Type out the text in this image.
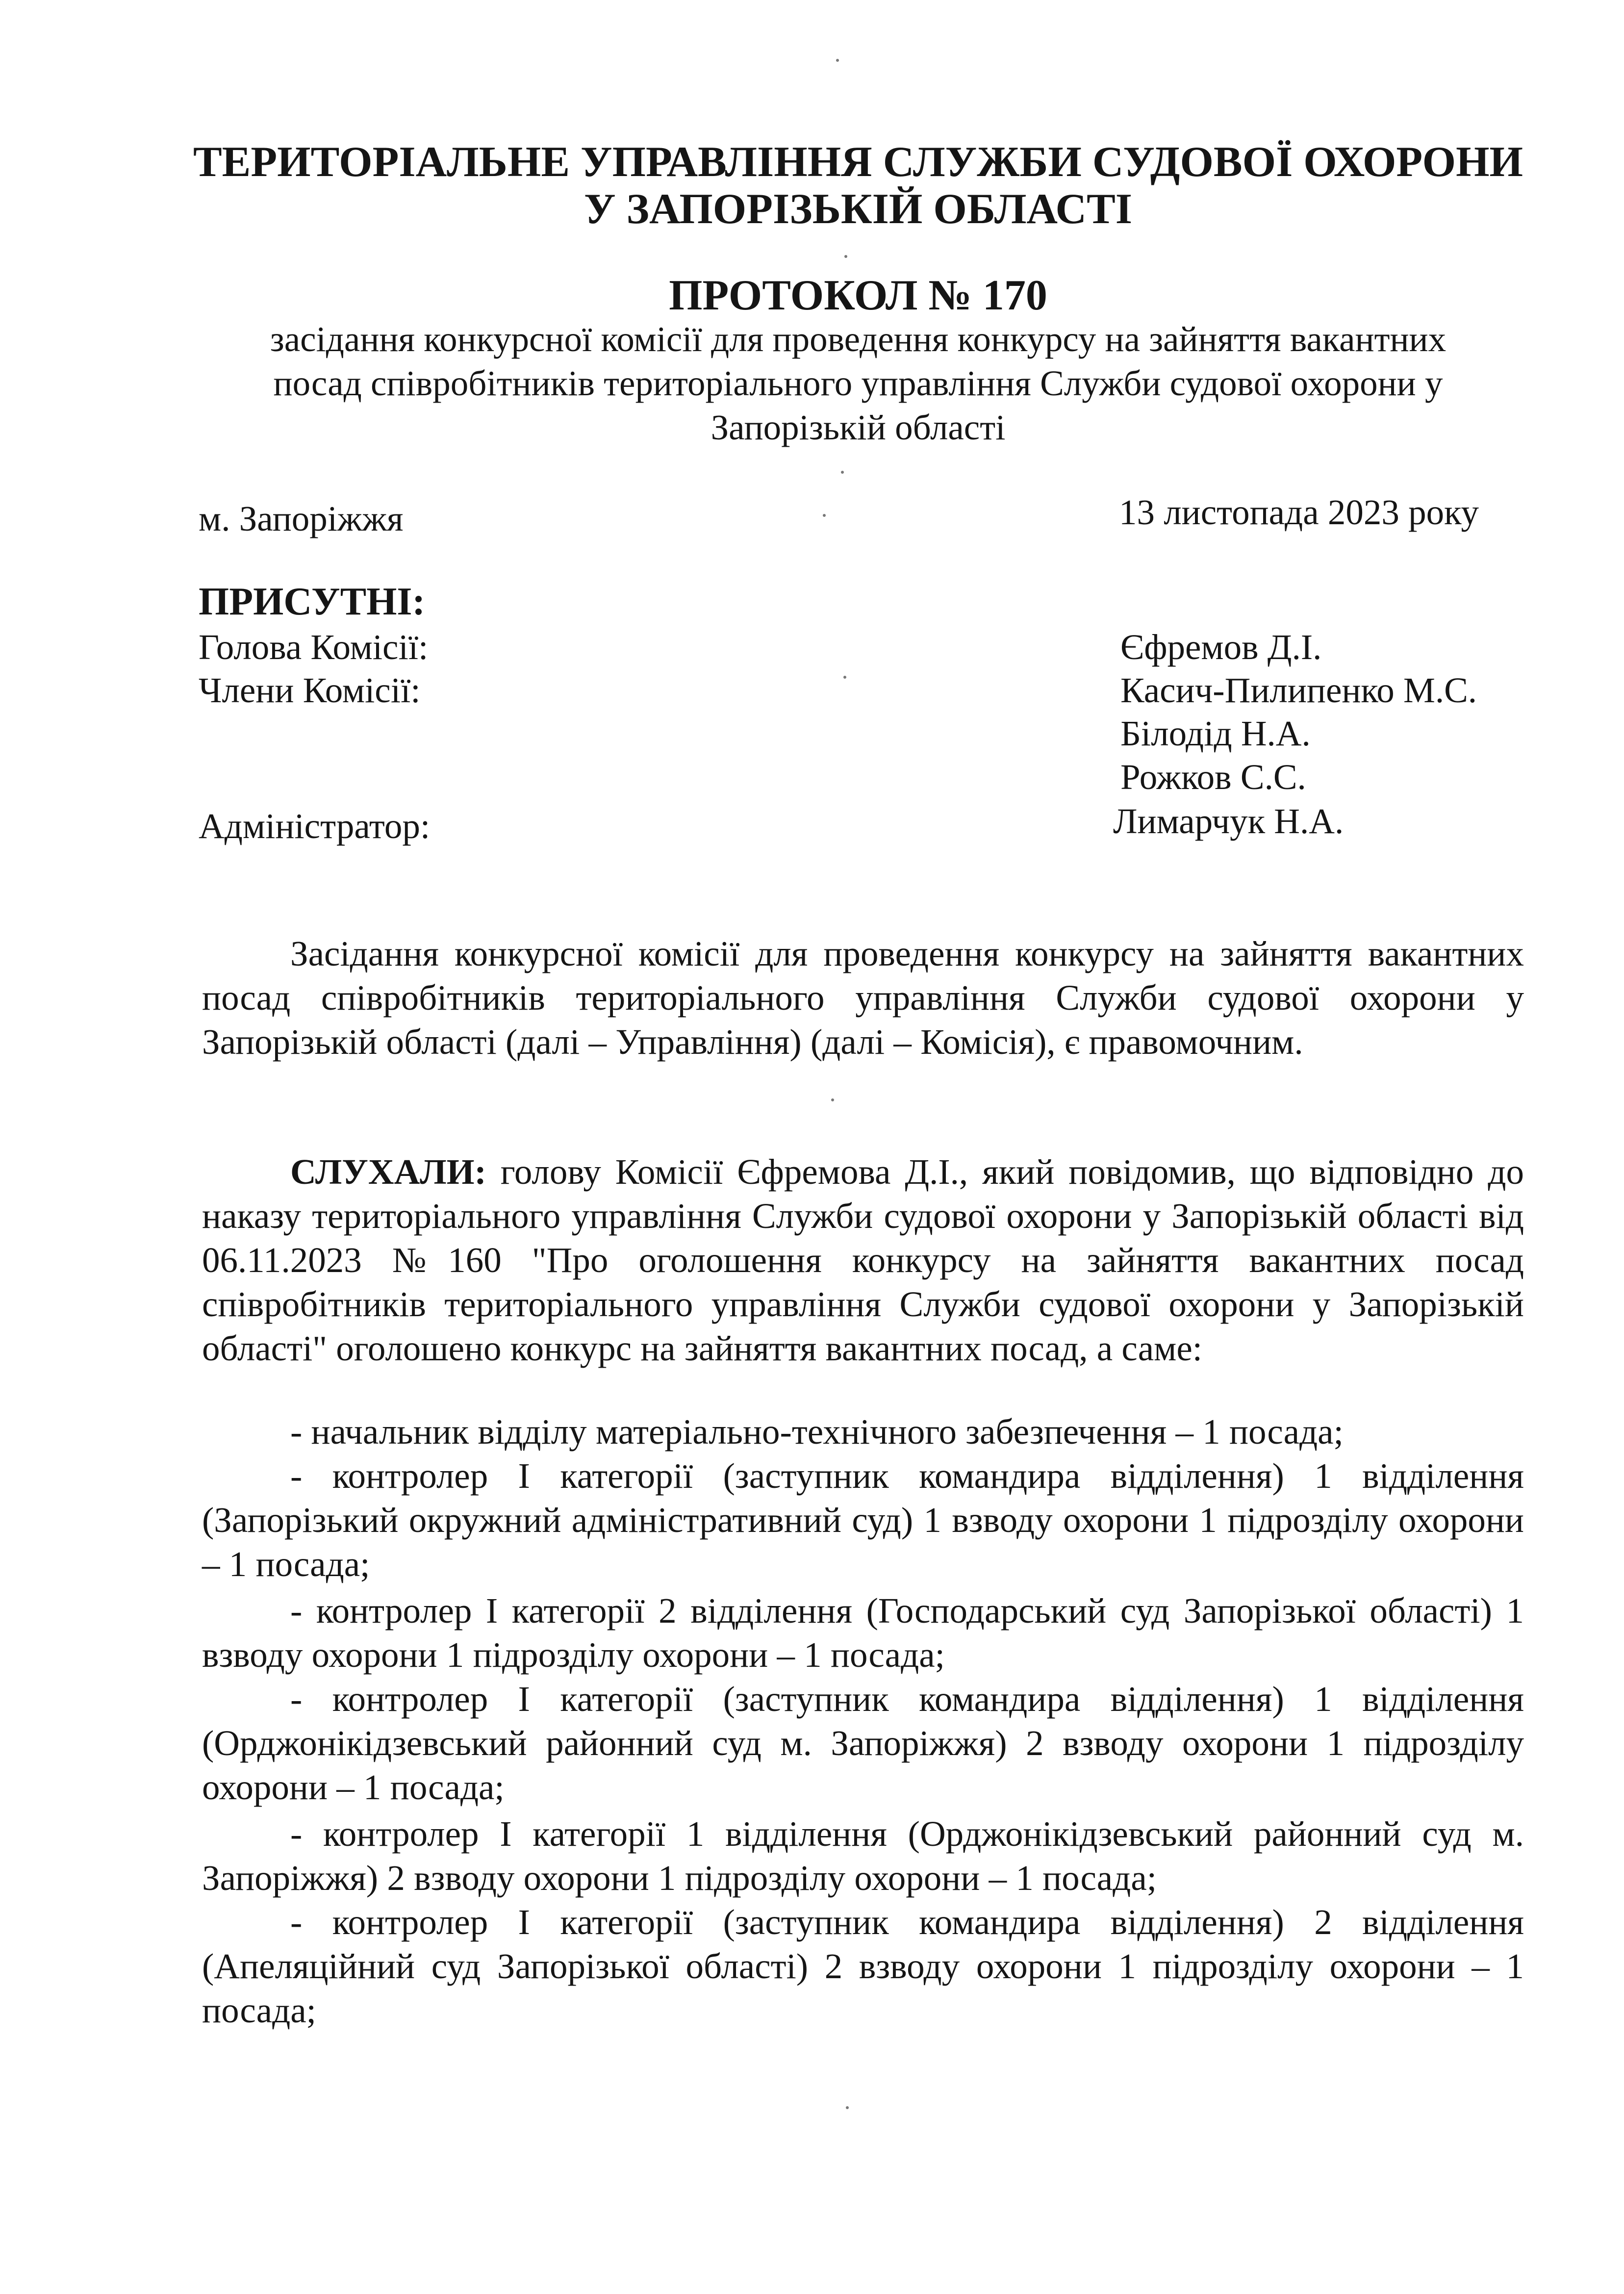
ТЕРИТОРІАЛЬНЕ УПРАВЛІННЯ СЛУЖБИ СУДОВОЇ ОХОРОНИ
У ЗАПОРІЗЬКІЙ ОБЛАСТІ
ПРОТОКОЛ № 170
засідання конкурсної комісії для проведення конкурсу на зайняття вакантних
посад співробітників територіального управління Служби судової охорони у
Запорізькій області
м. Запоріжжя	13 листопада 2023 року
ПРИСУТНІ:
Голова Комісії:	Єфремов Д.І.
Члени Комісії:	Касич-Пилипенко М.С.
Білодід Н.А.
Рожков С.С.
Адміністратор:	Лимарчук Н.А.
Засідання конкурсної комісії для проведення конкурсу на зайняття вакантних посад співробітників територіального управління Служби судової охорони у Запорізькій області (далі – Управління) (далі – Комісія), є правомочним.
СЛУХАЛИ: голову Комісії Єфремова Д.І., який повідомив, що відповідно до наказу територіального управління Служби судової охорони у Запорізькій області від 06.11.2023 №160 "Про оголошення конкурсу на зайняття вакантних посад співробітників територіального управління Служби судової охорони у Запорізькій області" оголошено конкурс на зайняття вакантних посад, а саме:
- начальник відділу матеріально-технічного забезпечення – 1 посада;
- контролер І категорії (заступник командира відділення) 1 відділення (Запорізький окружний адміністративний суд) 1 взводу охорони 1 підрозділу охорони – 1 посада;
- контролер І категорії 2 відділення (Господарський суд Запорізької області) 1 взводу охорони 1 підрозділу охорони – 1 посада;
- контролер І категорії (заступник командира відділення) 1 відділення (Орджонікідзевський районний суд м. Запоріжжя) 2 взводу охорони 1 підрозділу охорони – 1 посада;
- контролер І категорії 1 відділення (Орджонікідзевський районний суд м. Запоріжжя) 2 взводу охорони 1 підрозділу охорони – 1 посада;
- контролер І категорії (заступник командира відділення) 2 відділення (Апеляційний суд Запорізької області) 2 взводу охорони 1 підрозділу охорони – 1 посада;
